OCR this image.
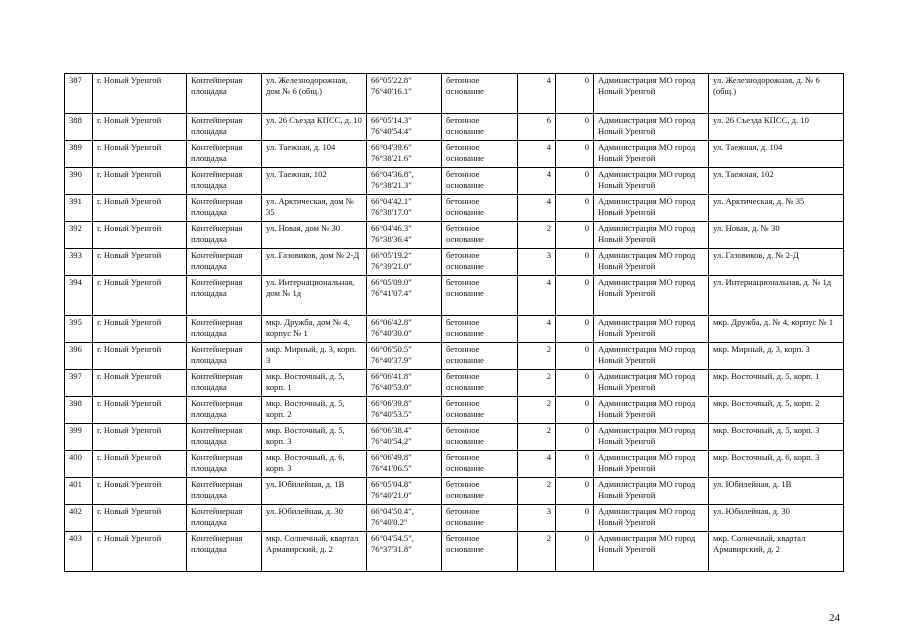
387	г. Новый Уренгой	Контейнерная площадка	ул. Железнодорожная, дом № 6 (общ.)	66°05'22.8" 76°40'16.1"	бетонное основание	4	0	Администрация МО город Новый Уренгой	ул. Железнодорожная, д. № 6 (общ.)
388	г. Новый Уренгой	Контейнерная площадка	ул. 26 Съезда КПСС, д. 10	66°05'14.3" 76°40'54.4"	бетонное основание	6	0	Администрация МО город Новый Уренгой	ул. 26 Съезда КПСС, д. 10
389	г. Новый Уренгой	Контейнерная площадка	ул. Таежная, д. 104	66°04'39.6" 76°38'21.6"	бетонное основание	4	0	Администрация МО город Новый Уренгой	ул. Таежная, д. 104
390	г. Новый Уренгой	Контейнерная площадка	ул. Таежная, 102	66°04'36.8", 76°38'21.3"	бетонное основание	4	0	Администрация МО город Новый Уренгой	ул. Таежная, 102
391	г. Новый Уренгой	Контейнерная площадка	ул. Арктическая, дом № 35	66°04'42.1" 76°38'17.0"	бетонное основание	4	0	Администрация МО город Новый Уренгой	ул. Арктическая, д. № 35
392	г. Новый Уренгой	Контейнерная площадка	ул. Новая, дом № 30	66°04'46.3" 76°38'36.4"	бетонное основание	2	0	Администрация МО город Новый Уренгой	ул. Новая, д. № 30
393	г. Новый Уренгой	Контейнерная площадка	ул. Газовиков, дом № 2-Д	66°05'19.2" 76°39'21.0"	бетонное основание	3	0	Администрация МО город Новый Уренгой	ул. Газовиков, д. № 2-Д
394	г. Новый Уренгой	Контейнерная площадка	ул. Интернациональная, дом № 1д	66°05'09.0" 76°41'07.4"	бетонное основание	4	0	Администрация МО город Новый Уренгой	ул. Интернациональная, д. № 1д
395	г. Новый Уренгой	Контейнерная площадка	мкр. Дружба, дом № 4, корпус № 1	66°06'42.8" 76°40'30.0"	бетонное основание	4	0	Администрация МО город Новый Уренгой	мкр. Дружба, д. № 4, корпус № 1
396	г. Новый Уренгой	Контейнерная площадка	мкр. Мирный, д. 3, корп. 3	66°06'50.5" 76°40'37.9"	бетонное основание	2	0	Администрация МО город Новый Уренгой	мкр. Мирный, д. 3, корп. 3
397	г. Новый Уренгой	Контейнерная площадка	мкр. Восточный, д. 5, корп. 1	66°06'41.8" 76°40'53.0"	бетонное основание	2	0	Администрация МО город Новый Уренгой	мкр. Восточный, д. 5, корп. 1
398	г. Новый Уренгой	Контейнерная площадка	мкр. Восточный, д. 5, корп. 2	66°06'39.8" 76°40'53.5"	бетонное основание	2	0	Администрация МО город Новый Уренгой	мкр. Восточный, д. 5, корп. 2
399	г. Новый Уренгой	Контейнерная площадка	мкр. Восточный, д. 5, корп. 3	66°06'38.4" 76°40'54.2"	бетонное основание	2	0	Администрация МО город Новый Уренгой	мкр. Восточный, д. 5, корп. 3
400	г. Новый Уренгой	Контейнерная площадка	мкр. Восточный, д. 6, корп. 3	66°06'49.8" 76°41'06.5"	бетонное основание	4	0	Администрация МО город Новый Уренгой	мкр. Восточный, д. 6, корп. 3
401	г. Новый Уренгой	Контейнерная площадка	ул. Юбилейная, д. 1В	66°05'04.8" 76°40'21.0"	бетонное основание	2	0	Администрация МО город Новый Уренгой	ул. Юбилейная, д. 1В
402	г. Новый Уренгой	Контейнерная площадка	ул. Юбилейная, д. 30	66°04'50.4", 76°40'0.2"	бетонное основание	3	0	Администрация МО город Новый Уренгой	ул. Юбилейная, д. 30
403	г. Новый Уренгой	Контейнерная площадка	мкр. Солнечный, квартал Армавирский, д. 2	66°04'54.5", 76°37'31.8"	бетонное основание	2	0	Администрация МО город Новый Уренгой	мкр. Солнечный, квартал Армавирский, д. 2
24
